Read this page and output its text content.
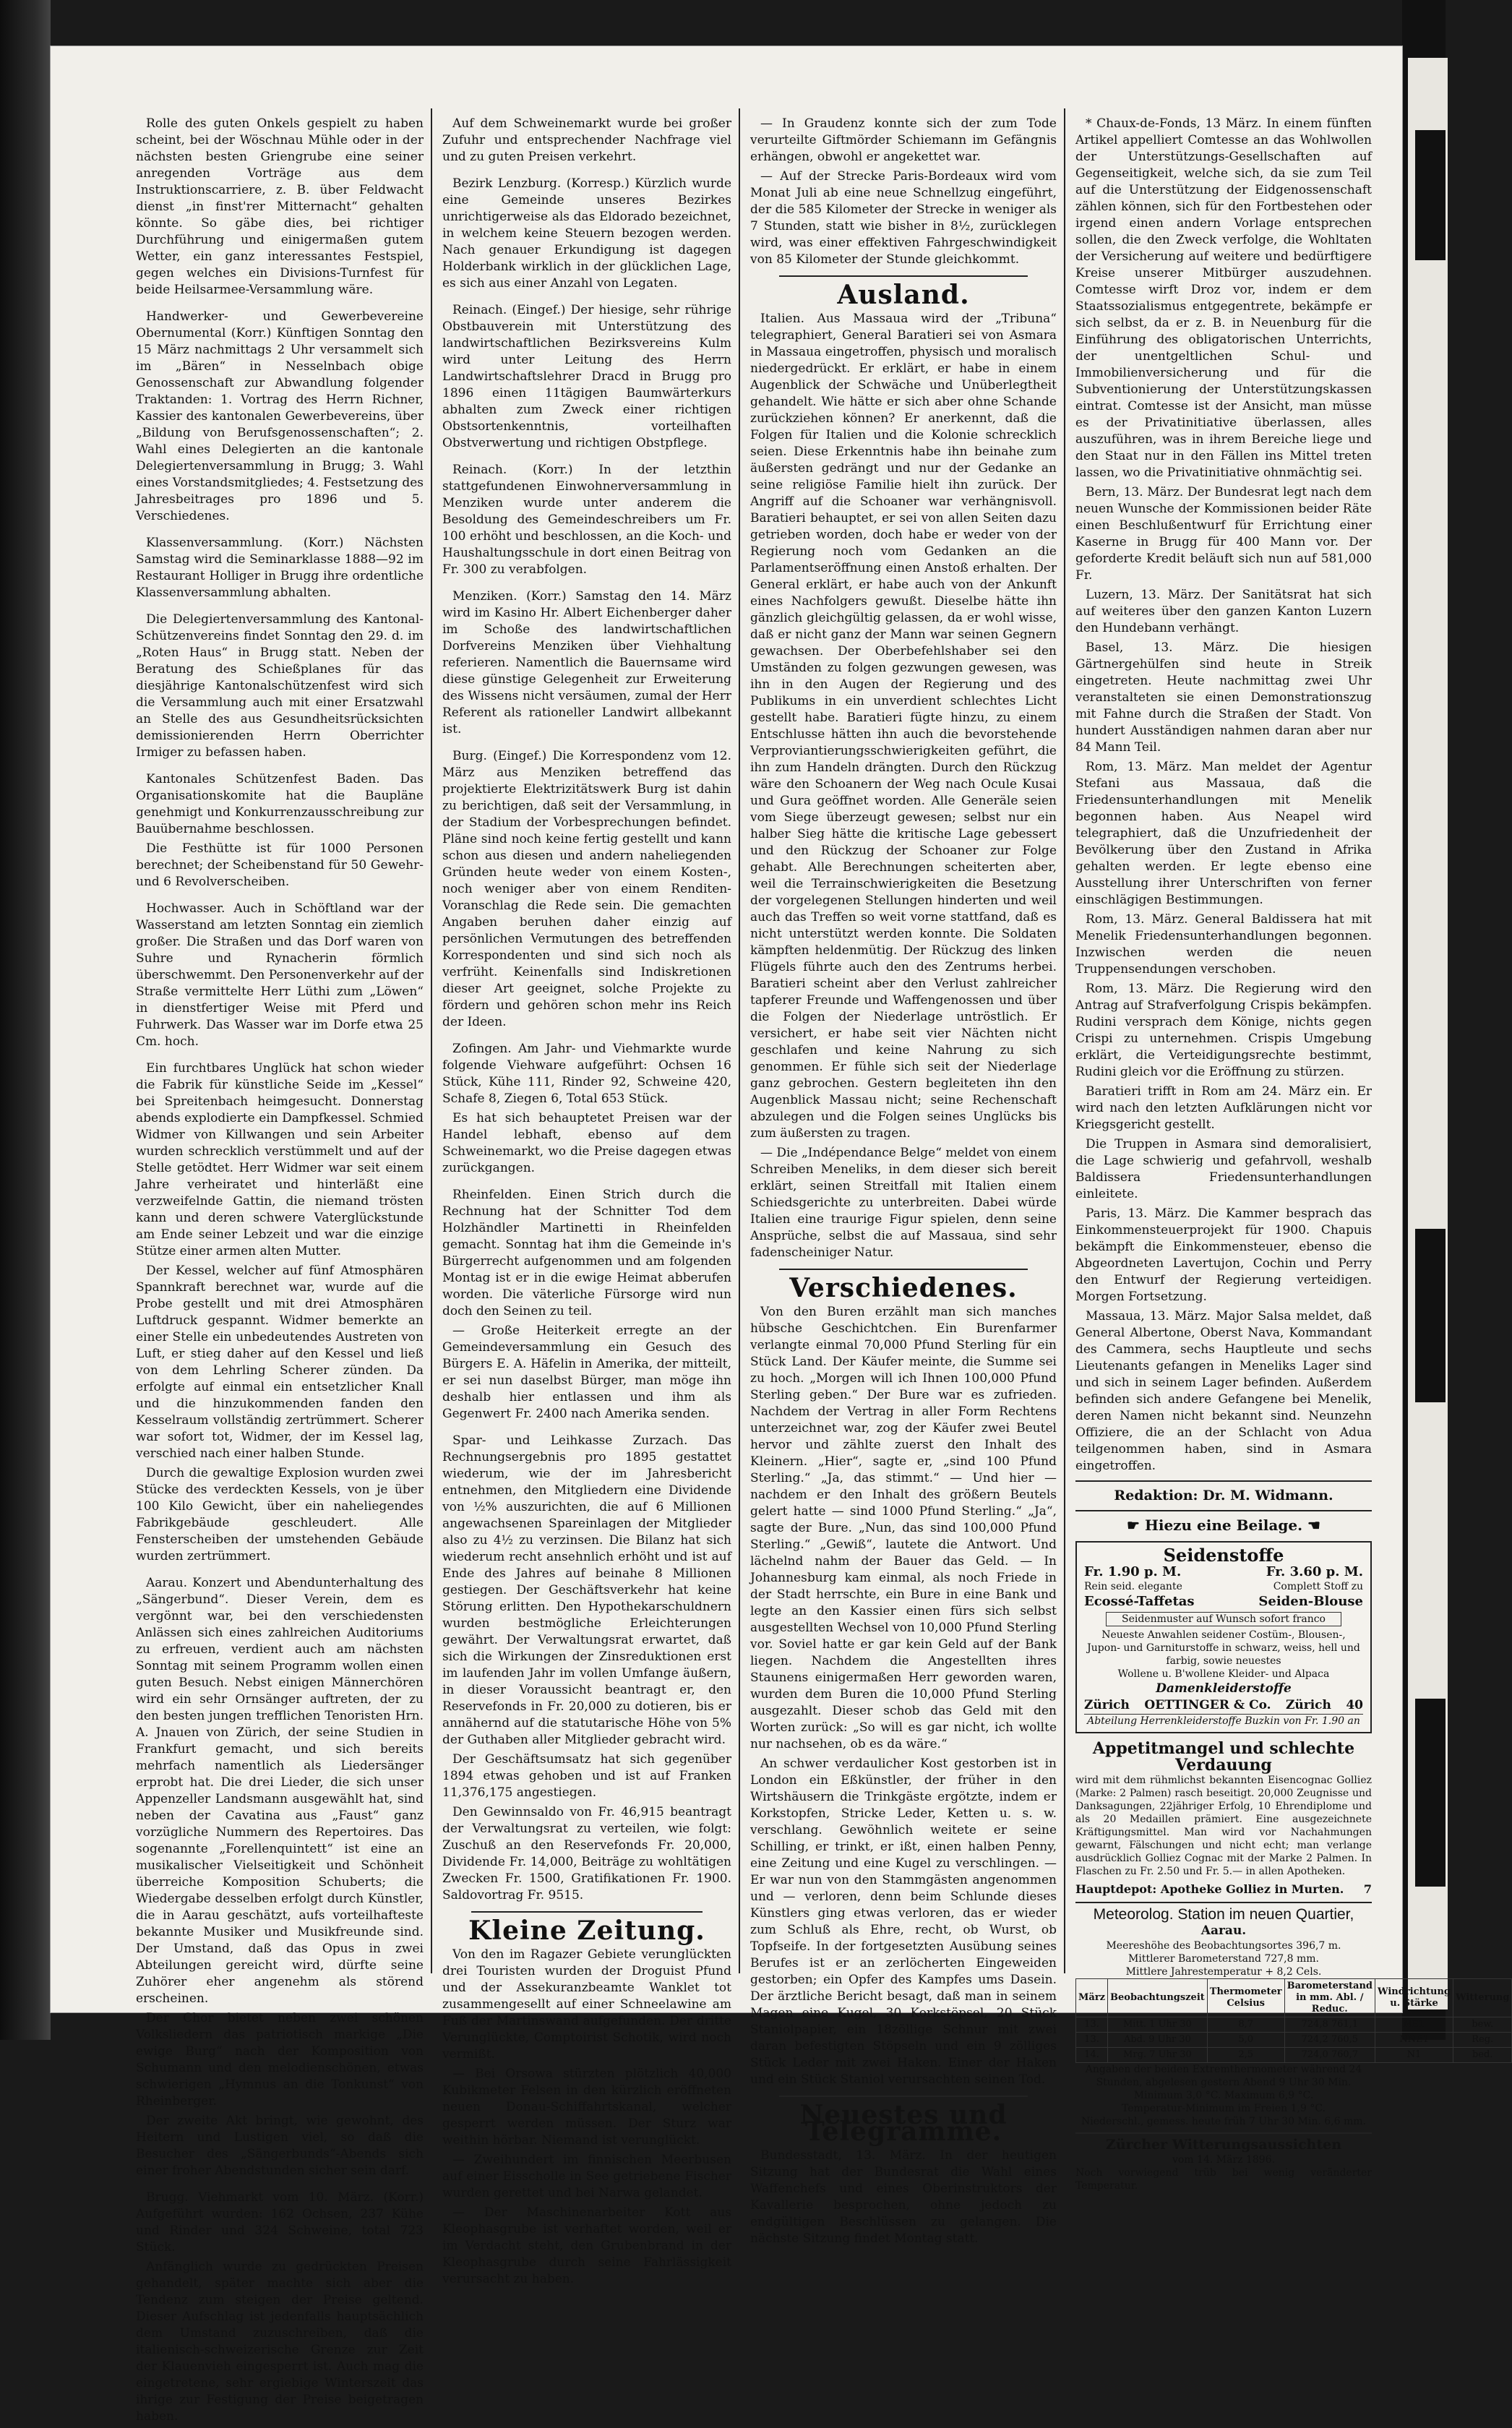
Rolle des guten Onkels gespielt zu haben scheint, bei der Wöschnau Mühle oder in der nächsten besten Griengrube eine seiner anregenden Vorträge aus dem Instruktionscarriere, z. B. über Feldwacht dienst „in finst'rer Mitternacht“ gehalten könnte. So gäbe dies, bei richtiger Durchführung und einigermaßen gutem Wetter, ein ganz interessantes Festspiel, gegen welches ein Divisions-Turnfest für beide Heilsarmee-Versammlung wäre.

Handwerker- und Gewerbevereine Obernumental (Korr.) Künftigen Sonntag den 15 März nachmittags 2 Uhr versammelt sich im „Bären“ in Nesselnbach obige Genossenschaft zur Abwandlung folgender Traktanden: 1. Vortrag des Herrn Richner, Kassier des kantonalen Gewerbevereins, über „Bildung von Berufsgenossenschaften“; 2. Wahl eines Delegierten an die kantonale Delegiertenversammlung in Brugg; 3. Wahl eines Vorstandsmitgliedes; 4. Festsetzung des Jahresbeitrages pro 1896 und 5. Verschiedenes.

Klassenversammlung. (Korr.) Nächsten Samstag wird die Seminarklasse 1888—92 im Restaurant Holliger in Brugg ihre ordentliche Klassenversammlung abhalten.

Die Delegiertenversammlung des Kantonal-Schützenvereins findet Sonntag den 29. d. im „Roten Haus“ in Brugg statt. Neben der Beratung des Schießplanes für das diesjährige Kantonalschützenfest wird sich die Versammlung auch mit einer Ersatzwahl an Stelle des aus Gesundheitsrücksichten demissionierenden Herrn Oberrichter Irmiger zu befassen haben.

Kantonales Schützenfest Baden. Das Organisationskomite hat die Baupläne genehmigt und Konkurrenzausschreibung zur Bauübernahme beschlossen.

Die Festhütte ist für 1000 Personen berechnet; der Scheibenstand für 50 Gewehr- und 6 Revolverscheiben.

Hochwasser. Auch in Schöftland war der Wasserstand am letzten Sonntag ein ziemlich großer. Die Straßen und das Dorf waren von Suhre und Rynacherin förmlich überschwemmt. Den Personenverkehr auf der Straße vermittelte Herr Lüthi zum „Löwen“ in dienstfertiger Weise mit Pferd und Fuhrwerk. Das Wasser war im Dorfe etwa 25 Cm. hoch.

Ein furchtbares Unglück hat schon wieder die Fabrik für künstliche Seide im „Kessel“ bei Spreitenbach heimgesucht. Donnerstag abends explodierte ein Dampfkessel. Schmied Widmer von Killwangen und sein Arbeiter wurden schrecklich verstümmelt und auf der Stelle getödtet. Herr Widmer war seit einem Jahre verheiratet und hinterläßt eine verzweifelnde Gattin, die niemand trösten kann und deren schwere Vaterglückstunde am Ende seiner Lebzeit und war die einzige Stütze einer armen alten Mutter.

Der Kessel, welcher auf fünf Atmosphären Spannkraft berechnet war, wurde auf die Probe gestellt und mit drei Atmosphären Luftdruck gespannt. Widmer bemerkte an einer Stelle ein unbedeutendes Austreten von Luft, er stieg daher auf den Kessel und ließ von dem Lehrling Scherer zünden. Da erfolgte auf einmal ein entsetzlicher Knall und die hinzukommenden fanden den Kesselraum vollständig zertrümmert. Scherer war sofort tot, Widmer, der im Kessel lag, verschied nach einer halben Stunde.

Durch die gewaltige Explosion wurden zwei Stücke des verdeckten Kessels, von je über 100 Kilo Gewicht, über ein naheliegendes Fabrikgebäude geschleudert. Alle Fensterscheiben der umstehenden Gebäude wurden zertrümmert.

Aarau. Konzert und Abendunterhaltung des „Sängerbund“. Dieser Verein, dem es vergönnt war, bei den verschiedensten Anlässen sich eines zahlreichen Auditoriums zu erfreuen, verdient auch am nächsten Sonntag mit seinem Programm wollen einen guten Besuch. Nebst einigen Männerchören wird ein sehr Ornsänger auftreten, der zu den besten jungen trefflichen Tenoristen Hrn. A. Jnauen von Zürich, der seine Studien in Frankfurt gemacht, und sich bereits mehrfach namentlich als Liedersänger erprobt hat. Die drei Lieder, die sich unser Appenzeller Landsmann ausgewählt hat, sind neben der Cavatina aus „Faust“ ganz vorzügliche Nummern des Repertoires. Das sogenannte „Forellenquintett“ ist eine an musikalischer Vielseitigkeit und Schönheit überreiche Komposition Schuberts; die Wiedergabe desselben erfolgt durch Künstler, die in Aarau geschätzt, aufs vorteilhafteste bekannte Musiker und Musikfreunde sind. Der Umstand, daß das Opus in zwei Abteilungen gereicht wird, dürfte seine Zuhörer eher angenehm als störend erscheinen.

Der Chor bietet neben zwei schönen Volksliedern das patriotisch markige „Die ewige Burg“ nach der Komposition von Schumann und den melodienschönen, etwas schwierigen „Hymnus an die Tonkunst“ von Rheinberger.

Der zweite Akt bringt, wie gewohnt, des Heitern und Lustigen viel, so daß die Besucher des „Sängerbunds“-Abends sich einer froher Abendstunden sicher sein darf.

Brugg. Viehmarkt vom 10. März. (Korr.) Aufgeführt wurden: 162 Ochsen, 237 Kühe und Rinder und 324 Schweine, total 723 Stück.

Anfänglich wurde zu gedrückten Preisen gehandelt, später machte sich aber die Tendenz zum steigen der Preise geltend. Dieser Aufschlag ist jedenfalls hauptsächlich dem Umstand zuzuschreiben, daß die italienisch-schweizerische Grenze zur Zeit der Klauenvieh eingesperrt ist. Auch mag die eingetretene, sehr ergiebige Winterszeit das ihrige zur Festigung der Preise beigetragen haben.

Auf dem Schweinemarkt wurde bei großer Zufuhr und entsprechender Nachfrage viel und zu guten Preisen verkehrt.

Bezirk Lenzburg. (Korresp.) Kürzlich wurde eine Gemeinde unseres Bezirkes unrichtigerweise als das Eldorado bezeichnet, in welchem keine Steuern bezogen werden. Nach genauer Erkundigung ist dagegen Holderbank wirklich in der glücklichen Lage, es sich aus einer Anzahl von Legaten.

Reinach. (Eingef.) Der hiesige, sehr rührige Obstbauverein mit Unterstützung des landwirtschaftlichen Bezirksvereins Kulm wird unter Leitung des Herrn Landwirtschaftslehrer Dracd in Brugg pro 1896 einen 11tägigen Baumwärterkurs abhalten zum Zweck einer richtigen Obstsortenkenntnis, vorteilhaften Obstverwertung und richtigen Obstpflege.

Reinach. (Korr.) In der letzthin stattgefundenen Einwohnerversammlung in Menziken wurde unter anderem die Besoldung des Gemeindeschreibers um Fr. 100 erhöht und beschlossen, an die Koch- und Haushaltungsschule in dort einen Beitrag von Fr. 300 zu verabfolgen.

Menziken. (Korr.) Samstag den 14. März wird im Kasino Hr. Albert Eichenberger daher im Schoße des landwirtschaftlichen Dorfvereins Menziken über Viehhaltung referieren. Namentlich die Bauernsame wird diese günstige Gelegenheit zur Erweiterung des Wissens nicht versäumen, zumal der Herr Referent als rationeller Landwirt allbekannt ist.

Burg. (Eingef.) Die Korrespondenz vom 12. März aus Menziken betreffend das projektierte Elektrizitätswerk Burg ist dahin zu berichtigen, daß seit der Versammlung, in der Stadium der Vorbesprechungen befindet. Pläne sind noch keine fertig gestellt und kann schon aus diesen und andern naheliegenden Gründen heute weder von einem Kosten-, noch weniger aber von einem Renditen-Voranschlag die Rede sein. Die gemachten Angaben beruhen daher einzig auf persönlichen Vermutungen des betreffenden Korrespondenten und sind sich noch als verfrüht. Keinenfalls sind Indiskretionen dieser Art geeignet, solche Projekte zu fördern und gehören schon mehr ins Reich der Ideen.

Zofingen. Am Jahr- und Viehmarkte wurde folgende Viehware aufgeführt: Ochsen 16 Stück, Kühe 111, Rinder 92, Schweine 420, Schafe 8, Ziegen 6, Total 653 Stück.

Es hat sich behauptetet Preisen war der Handel lebhaft, ebenso auf dem Schweinemarkt, wo die Preise dagegen etwas zurückgangen.

Rheinfelden. Einen Strich durch die Rechnung hat der Schnitter Tod dem Holzhändler Martinetti in Rheinfelden gemacht. Sonntag hat ihm die Gemeinde in's Bürgerrecht aufgenommen und am folgenden Montag ist er in die ewige Heimat abberufen worden. Die väterliche Fürsorge wird nun doch den Seinen zu teil.

— Große Heiterkeit erregte an der Gemeindeversammlung ein Gesuch des Bürgers E. A. Häfelin in Amerika, der mitteilt, er sei nun daselbst Bürger, man möge ihn deshalb hier entlassen und ihm als Gegenwert Fr. 2400 nach Amerika senden.

Spar- und Leihkasse Zurzach. Das Rechnungsergebnis pro 1895 gestattet wiederum, wie der im Jahresbericht entnehmen, den Mitgliedern eine Dividende von ½% auszurichten, die auf 6 Millionen angewachsenen Spareinlagen der Mitglieder also zu 4½ zu verzinsen. Die Bilanz hat sich wiederum recht ansehnlich erhöht und ist auf Ende des Jahres auf beinahe 8 Millionen gestiegen. Der Geschäftsverkehr hat keine Störung erlitten. Den Hypothekarschuldnern wurden bestmögliche Erleichterungen gewährt. Der Verwaltungsrat erwartet, daß sich die Wirkungen der Zinsreduktionen erst im laufenden Jahr im vollen Umfange äußern, in dieser Voraussicht beantragt er, den Reservefonds in Fr. 20,000 zu dotieren, bis er annähernd auf die statutarische Höhe von 5% der Guthaben aller Mitglieder gebracht wird.

Der Geschäftsumsatz hat sich gegenüber 1894 etwas gehoben und ist auf Franken 11,376,175 angestiegen.

Den Gewinnsaldo von Fr. 46,915 beantragt der Verwaltungsrat zu verteilen, wie folgt: Zuschuß an den Reservefonds Fr. 20,000, Dividende Fr. 14,000, Beiträge zu wohltätigen Zwecken Fr. 1500, Gratifikationen Fr. 1900. Saldovortrag Fr. 9515.

Kleine Zeitung.

Von den im Ragazer Gebiete verunglückten drei Touristen wurden der Droguist Pfund und der Assekuranzbeamte Wanklet tot zusammengesellt auf einer Schneelawine am Fuß der Martinswand aufgefunden. Der dritte Verunglückte, Comptoirist Schotik, wird noch vermißt.

— Bei Orsowa stürzten plötzlich 40,000 Kubikmeter Felsen in den kürzlich eröffneten neuen Donau-Schiffahrtskanal, welcher gesperrt werden müssen. Der Sturz war weithin hörbar. Niemand ist verunglückt.

— Zweihundert im finnischen Meerbusen auf einer Eisscholle in See getriebene Fischer wurden gerettet und bei Narwa gelandet.

— Der Maschinenarbeiter Kott aus Kleophasgrube ist verhaftet worden, weil er im Verdacht steht, den Grubenbrand in der Kleophasgrube durch seine Fahrlässigkeit verursacht zu haben.

— In Graudenz konnte sich der zum Tode verurteilte Giftmörder Schiemann im Gefängnis erhängen, obwohl er angekettet war.

— Auf der Strecke Paris-Bordeaux wird vom Monat Juli ab eine neue Schnellzug eingeführt, der die 585 Kilometer der Strecke in weniger als 7 Stunden, statt wie bisher in 8½, zurücklegen wird, was einer effektiven Fahrgeschwindigkeit von 85 Kilometer der Stunde gleichkommt.

Ausland.

Italien. Aus Massaua wird der „Tribuna“ telegraphiert, General Baratieri sei von Asmara in Massaua eingetroffen, physisch und moralisch niedergedrückt. Er erklärt, er habe in einem Augenblick der Schwäche und Unüberlegtheit gehandelt. Wie hätte er sich aber ohne Schande zurückziehen können? Er anerkennt, daß die Folgen für Italien und die Kolonie schrecklich seien. Diese Erkenntnis habe ihn beinahe zum äußersten gedrängt und nur der Gedanke an seine religiöse Familie hielt ihn zurück. Der Angriff auf die Schoaner war verhängnisvoll. Baratieri behauptet, er sei von allen Seiten dazu getrieben worden, doch habe er weder von der Regierung noch vom Gedanken an die Parlamentseröffnung einen Anstoß erhalten. Der General erklärt, er habe auch von der Ankunft eines Nachfolgers gewußt. Dieselbe hätte ihn gänzlich gleichgültig gelassen, da er wohl wisse, daß er nicht ganz der Mann war seinen Gegnern gewachsen. Der Oberbefehlshaber sei den Umständen zu folgen gezwungen gewesen, was ihn in den Augen der Regierung und des Publikums in ein unverdient schlechtes Licht gestellt habe. Baratieri fügte hinzu, zu einem Entschlusse hätten ihn auch die bevorstehende Verproviantierungsschwierigkeiten geführt, die ihn zum Handeln drängten. Durch den Rückzug wäre den Schoanern der Weg nach Ocule Kusai und Gura geöffnet worden. Alle Generäle seien vom Siege überzeugt gewesen; selbst nur ein halber Sieg hätte die kritische Lage gebessert und den Rückzug der Schoaner zur Folge gehabt. Alle Berechnungen scheiterten aber, weil die Terrainschwierigkeiten die Besetzung der vorgelegenen Stellungen hinderten und weil auch das Treffen so weit vorne stattfand, daß es nicht unterstützt werden konnte. Die Soldaten kämpften heldenmütig. Der Rückzug des linken Flügels führte auch den des Zentrums herbei. Baratieri scheint aber den Verlust zahlreicher tapferer Freunde und Waffengenossen und über die Folgen der Niederlage untröstlich. Er versichert, er habe seit vier Nächten nicht geschlafen und keine Nahrung zu sich genommen. Er fühle sich seit der Niederlage ganz gebrochen. Gestern begleiteten ihn den Augenblick Massau nicht; seine Rechenschaft abzulegen und die Folgen seines Unglücks bis zum äußersten zu tragen.

— Die „Indépendance Belge“ meldet von einem Schreiben Meneliks, in dem dieser sich bereit erklärt, seinen Streitfall mit Italien einem Schiedsgerichte zu unterbreiten. Dabei würde Italien eine traurige Figur spielen, denn seine Ansprüche, selbst die auf Massaua, sind sehr fadenscheiniger Natur.

Verschiedenes.

Von den Buren erzählt man sich manches hübsche Geschichtchen. Ein Burenfarmer verlangte einmal 70,000 Pfund Sterling für ein Stück Land. Der Käufer meinte, die Summe sei zu hoch. „Morgen will ich Ihnen 100,000 Pfund Sterling geben.“ Der Bure war es zufrieden. Nachdem der Vertrag in aller Form Rechtens unterzeichnet war, zog der Käufer zwei Beutel hervor und zählte zuerst den Inhalt des Kleinern. „Hier“, sagte er, „sind 100 Pfund Sterling.“ „Ja, das stimmt.“ — Und hier — nachdem er den Inhalt des größern Beutels gelert hatte — sind 1000 Pfund Sterling.“ „Ja“, sagte der Bure. „Nun, das sind 100,000 Pfund Sterling.“ „Gewiß“, lautete die Antwort. Und lächelnd nahm der Bauer das Geld. — In Johannesburg kam einmal, als noch Friede in der Stadt herrschte, ein Bure in eine Bank und legte an den Kassier einen fürs sich selbst ausgestellten Wechsel von 10,000 Pfund Sterling vor. Soviel hatte er gar kein Geld auf der Bank liegen. Nachdem die Angestellten ihres Staunens einigermaßen Herr geworden waren, wurden dem Buren die 10,000 Pfund Sterling ausgezahlt. Dieser schob das Geld mit den Worten zurück: „So will es gar nicht, ich wollte nur nachsehen, ob es da wäre.“

An schwer verdaulicher Kost gestorben ist in London ein Eßkünstler, der früher in den Wirtshäusern die Trinkgäste ergötzte, indem er Korkstopfen, Stricke Leder, Ketten u. s. w. verschlang. Gewöhnlich weitete er seine Schilling, er trinkt, er ißt, einen halben Penny, eine Zeitung und eine Kugel zu verschlingen. — Er war nun von den Stammgästen angenommen und — verloren, denn beim Schlunde dieses Künstlers ging etwas verloren, das er wieder zum Schluß als Ehre, recht, ob Wurst, ob Topfseife. In der fortgesetzten Ausübung seines Berufes ist er an zerlöcherten Eingeweiden gestorben; ein Opfer des Kampfes ums Dasein. Der ärztliche Bericht besagt, daß man in seinem Magen eine Kugel, 30 Korkstöpsel, 20 Stück Staniolpapier, ein 18zöllige Schnur mit zwei daran befestigten Stöpseln und ein 9 zölliges Stück Leder mit zwei Haken. Einer der Haken und ein Stück Staniol verursachten seinen Tod.

Neuestes und Telegramme.

Bundesstadt, 13. März. In der heutigen Sitzung hat der Bundesrat die Wahl eines Waffenchefs und eines Oberinstruktors der Kavallerie besprochen, ohne jedoch zu endgültigen Beschlüssen zu gelangen. Die nächste Sitzung findet Montag statt.

* Chaux-de-Fonds, 13 März. In einem fünften Artikel appelliert Comtesse an das Wohlwollen der Unterstützungs-Gesellschaften auf Gegenseitigkeit, welche sich, da sie zum Teil auf die Unterstützung der Eidgenossenschaft zählen können, sich für den Fortbestehen oder irgend einen andern Vorlage entsprechen sollen, die den Zweck verfolge, die Wohltaten der Versicherung auf weitere und bedürftigere Kreise unserer Mitbürger auszudehnen. Comtesse wirft Droz vor, indem er dem Staatssozialismus entgegentrete, bekämpfe er sich selbst, da er z. B. in Neuenburg für die Einführung des obligatorischen Unterrichts, der unentgeltlichen Schul- und Immobilienversicherung und für die Subventionierung der Unterstützungskassen eintrat. Comtesse ist der Ansicht, man müsse es der Privatinitiative überlassen, alles auszuführen, was in ihrem Bereiche liege und den Staat nur in den Fällen ins Mittel treten lassen, wo die Privatinitiative ohnmächtig sei.

Bern, 13. März. Der Bundesrat legt nach dem neuen Wunsche der Kommissionen beider Räte einen Beschlußentwurf für Errichtung einer Kaserne in Brugg für 400 Mann vor. Der geforderte Kredit beläuft sich nun auf 581,000 Fr.

Luzern, 13. März. Der Sanitätsrat hat sich auf weiteres über den ganzen Kanton Luzern den Hundebann verhängt.

Basel, 13. März. Die hiesigen Gärtnergehülfen sind heute in Streik eingetreten. Heute nachmittag zwei Uhr veranstalteten sie einen Demonstrationszug mit Fahne durch die Straßen der Stadt. Von hundert Ausständigen nahmen daran aber nur 84 Mann Teil.

Rom, 13. März. Man meldet der Agentur Stefani aus Massaua, daß die Friedensunterhandlungen mit Menelik begonnen haben. Aus Neapel wird telegraphiert, daß die Unzufriedenheit der Bevölkerung über den Zustand in Afrika gehalten werden. Er legte ebenso eine Ausstellung ihrer Unterschriften von ferner einschlägigen Bestimmungen.

Rom, 13. März. General Baldissera hat mit Menelik Friedensunterhandlungen begonnen. Inzwischen werden die neuen Truppensendungen verschoben.

Rom, 13. März. Die Regierung wird den Antrag auf Strafverfolgung Crispis bekämpfen. Rudini versprach dem Könige, nichts gegen Crispi zu unternehmen. Crispis Umgebung erklärt, die Verteidigungsrechte bestimmt, Rudini gleich vor die Eröffnung zu stürzen.

Baratieri trifft in Rom am 24. März ein. Er wird nach den letzten Aufklärungen nicht vor Kriegsgericht gestellt.

Die Truppen in Asmara sind demoralisiert, die Lage schwierig und gefahrvoll, weshalb Baldissera Friedensunterhandlungen einleitete.

Paris, 13. März. Die Kammer besprach das Einkommensteuerprojekt für 1900. Chapuis bekämpft die Einkommensteuer, ebenso die Abgeordneten Lavertujon, Cochin und Perry den Entwurf der Regierung verteidigen. Morgen Fortsetzung.

Massaua, 13. März. Major Salsa meldet, daß General Albertone, Oberst Nava, Kommandant des Cammera, sechs Hauptleute und sechs Lieutenants gefangen in Meneliks Lager sind und sich in seinem Lager befinden. Außerdem befinden sich andere Gefangene bei Menelik, deren Namen nicht bekannt sind. Neunzehn Offiziere, die an der Schlacht von Adua teilgenommen haben, sind in Asmara eingetroffen.

Redaktion: Dr. M. Widmann.
☛ Hiezu eine Beilage. ☚
Seidenstoffe
Fr. 1.90 p. M.	Fr. 3.60 p. M.
Rein seid. elegante	Complett Stoff zu
Ecossé-Taffetas	Seiden-Blouse
Seidenmuster auf Wunsch sofort franco
Neueste Anwahlen seidener Costüm-, Blousen-, Jupon- und Garniturstoffe in schwarz, weiss, hell und farbig, sowie neuestes
Wollene u. B'wollene Kleider- und Alpaca
Damenkleiderstoffe
Zürich OETTINGER & Co. Zürich 40
Abteilung Herrenkleiderstoffe Buzkin von Fr. 1.90 an
Appetitmangel und schlechte Verdauung

wird mit dem rühmlichst bekannten Eisencognac Golliez (Marke: 2 Palmen) rasch beseitigt. 20,000 Zeugnisse und Danksagungen, 22jähriger Erfolg, 10 Ehrendiplome und als 20 Medaillen prämiert. Eine ausgezeichnete Kräftigungsmittel. Man wird vor Nachahmungen gewarnt, Fälschungen und nicht echt; man verlange ausdrücklich Golliez Cognac mit der Marke 2 Palmen. In Flaschen zu Fr. 2.50 und Fr. 5.— in allen Apotheken.

Hauptdepot: Apotheke Golliez in Murten. 7
Meteorolog. Station im neuen Quartier,
Aarau.
Meereshöhe des Beobachtungsortes 396,7 m.
Mittlerer Barometerstand 727,8 mm.
Mittlere Jahrestemperatur + 8,2 Cels.
März	Beobachtungszeit	Thermometer Celsius	Barometerstand in mm. Abl. / Reduc.	Windrichtung u. Stärke	Witterung
13.	Mitt. 1 Uhr 30	8,7	724,8 761,1	NE1	bew.
13.	Abd. 9 Uhr 30	5,0	724,2 760,5	NNE1	Reg.
14.	Mrg. 7 Uhr 30	2,5	724,0 760,7	N1	bed.
Angaben der beiden Extremthermometer während 24 Stunden, abgelesen gestern Abend 9 Uhr 30 Min.
Minimum 3,0 °C. Maximum 6,9 °C.
Temperatur-Minimum im Freien 1,9 °C.
Niederschl., gemess. heute früh 7 Uhr 30 Min. 6,6 mm.
Zürcher Witterungsaussichten
vom 14. März 1896.
Noch vorwiegend trüb bei wenig veränderter Temperatur.
